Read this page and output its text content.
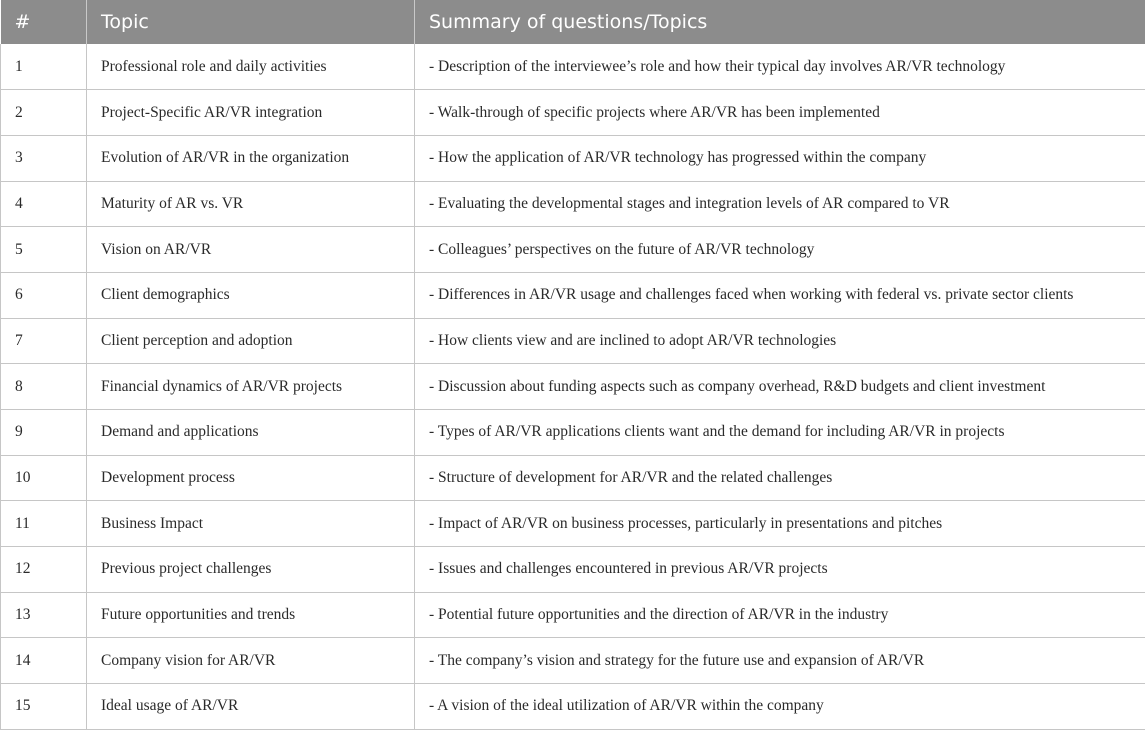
#	Topic	Summary of questions/Topics
1	Professional role and daily activities	- Description of the interviewee’s role and how their typical day involves AR/VR technology
2	Project-Specific AR/VR integration	- Walk-through of specific projects where AR/VR has been implemented
3	Evolution of AR/VR in the organization	- How the application of AR/VR technology has progressed within the company
4	Maturity of AR vs. VR	- Evaluating the developmental stages and integration levels of AR compared to VR
5	Vision on AR/VR	- Colleagues’ perspectives on the future of AR/VR technology
6	Client demographics	- Differences in AR/VR usage and challenges faced when working with federal vs. private sector clients
7	Client perception and adoption	- How clients view and are inclined to adopt AR/VR technologies
8	Financial dynamics of AR/VR projects	- Discussion about funding aspects such as company overhead, R&D budgets and client investment
9	Demand and applications	- Types of AR/VR applications clients want and the demand for including AR/VR in projects
10	Development process	- Structure of development for AR/VR and the related challenges
11	Business Impact	- Impact of AR/VR on business processes, particularly in presentations and pitches
12	Previous project challenges	- Issues and challenges encountered in previous AR/VR projects
13	Future opportunities and trends	- Potential future opportunities and the direction of AR/VR in the industry
14	Company vision for AR/VR	- The company’s vision and strategy for the future use and expansion of AR/VR
15	Ideal usage of AR/VR	- A vision of the ideal utilization of AR/VR within the company
